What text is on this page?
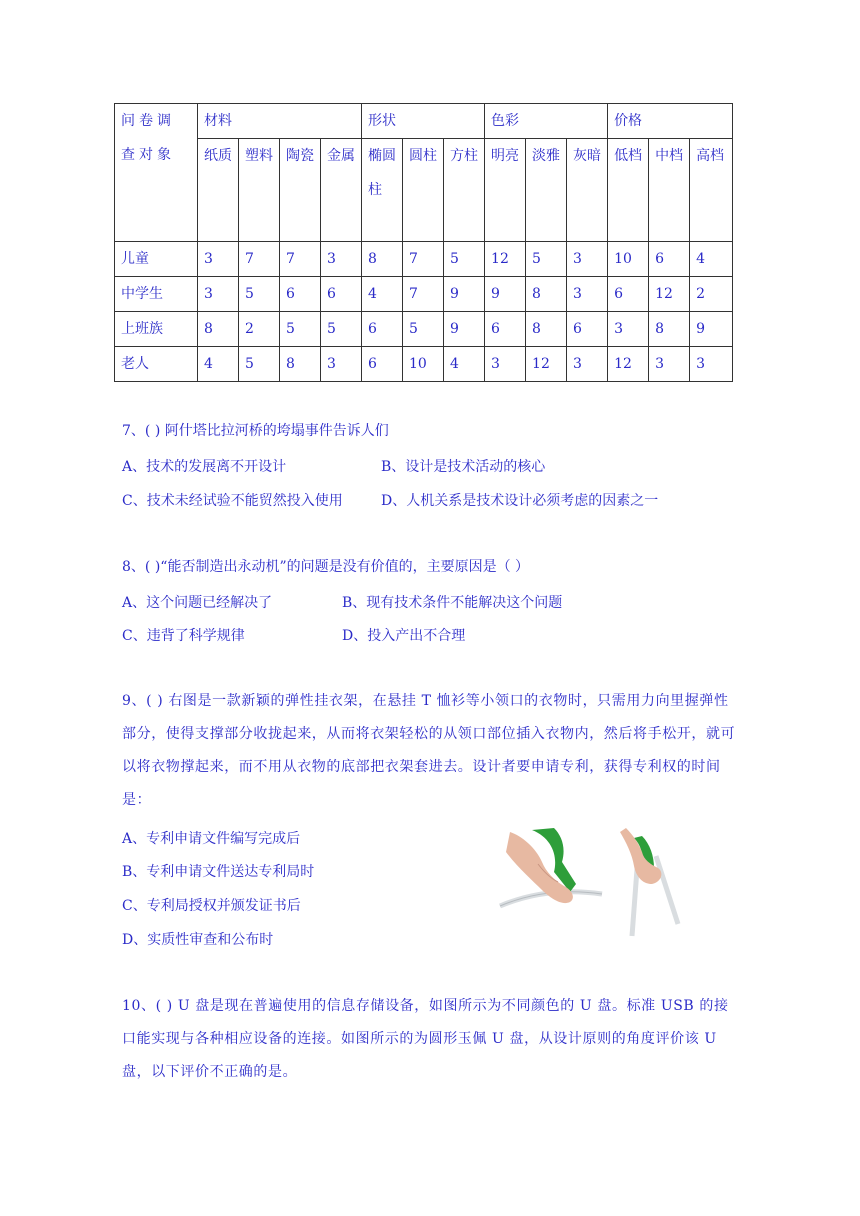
问卷调查对象	材料				形状			色彩			价格		
	纸质	塑料	陶瓷	金属	椭圆柱	圆柱	方柱	明亮	淡雅	灰暗	低档	中档	高档
儿童	3	7	7	3	8	7	5	12	5	3	10	6	4
中学生	3	5	6	6	4	7	9	9	8	3	6	12	2
上班族	8	2	5	5	6	5	9	6	8	6	3	8	9
老人	4	5	8	3	6	10	4	3	12	3	12	3	3
7、( ) 阿什塔比拉河桥的垮塌事件告诉人们
A、技术的发展离不开设计	B、设计是技术活动的核心
C、技术未经试验不能贸然投入使用	D、人机关系是技术设计必须考虑的因素之一
8、( )“能否制造出永动机”的问题是没有价值的，主要原因是（ ）
A、这个问题已经解决了	B、现有技术条件不能解决这个问题
C、违背了科学规律	D、投入产出不合理
9、( ) 右图是一款新颖的弹性挂衣架，在悬挂 T 恤衫等小领口的衣物时，只需用力向里握弹性部分，使得支撑部分收拢起来，从而将衣架轻松的从领口部位插入衣物内，然后将手松开，就可以将衣物撑起来，而不用从衣物的底部把衣架套进去。设计者要申请专利，获得专利权的时间是：
A、专利申请文件编写完成后
B、专利申请文件送达专利局时
C、专利局授权并颁发证书后
D、实质性审查和公布时
10、( ) U 盘是现在普遍使用的信息存储设备，如图所示为不同颜色的 U 盘。标准 USB 的接口能实现与各种相应设备的连接。如图所示的为圆形玉佩 U 盘，从设计原则的角度评价该 U 盘，以下评价不正确的是。
